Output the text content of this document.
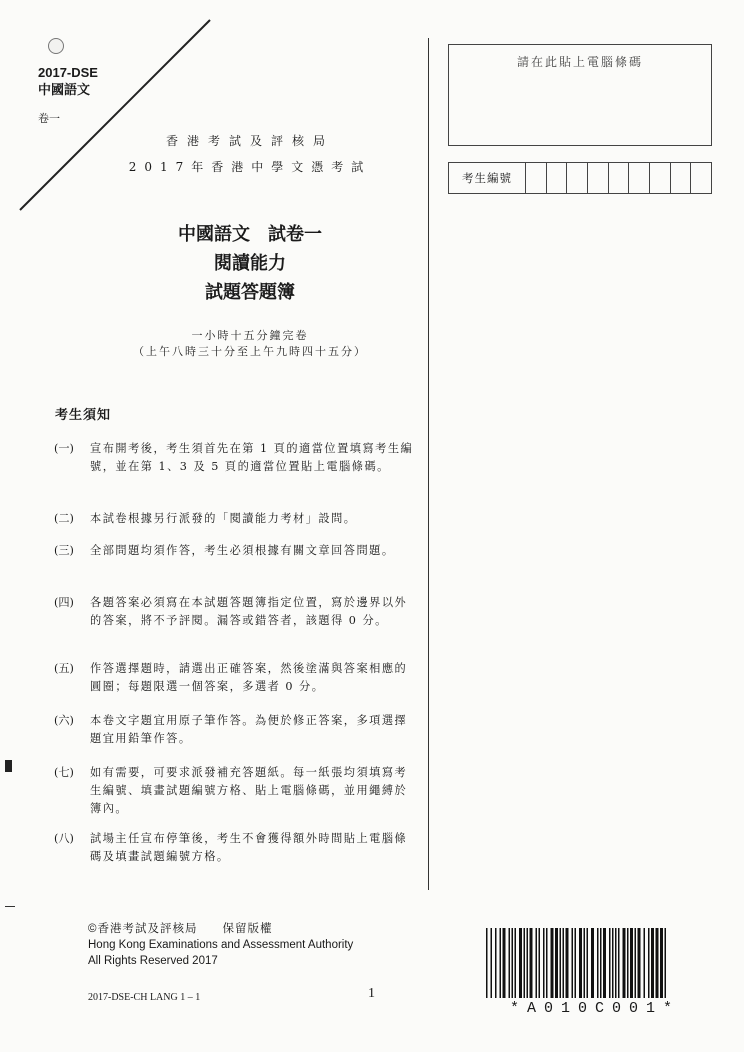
2017-DSE
中國語文
卷一
香港考試及評核局
2017年香港中學文憑考試
中國語文　試卷一
閱讀能力
試題答題簿
一小時十五分鐘完卷
（上午八時三十分至上午九時四十五分）
考生須知
(一)	宣布開考後，考生須首先在第 1 頁的適當位置填寫考生編號，並在第 1、3 及 5 頁的適當位置貼上電腦條碼。
(二)	本試卷根據另行派發的「閱讀能力考材」設問。
(三)	全部問題均須作答，考生必須根據有關文章回答問題。
(四)	各題答案必須寫在本試題答題簿指定位置，寫於邊界以外的答案，將不予評閱。漏答或錯答者，該題得 0 分。
(五)	作答選擇題時，請選出正確答案，然後塗滿與答案相應的圓圈；每題限選一個答案，多選者 0 分。
(六)	本卷文字題宜用原子筆作答。為便於修正答案，多項選擇題宜用鉛筆作答。
(七)	如有需要，可要求派發補充答題紙。每一紙張均須填寫考生編號、填畫試題編號方格、貼上電腦條碼，並用繩縛於簿內。
(八)	試場主任宣布停筆後，考生不會獲得額外時間貼上電腦條碼及填畫試題編號方格。
©香港考試及評核局　　保留版權
Hong Kong Examinations and Assessment Authority
All Rights Reserved 2017
2017-DSE-CH LANG 1 – 1	1
請在此貼上電腦條碼
考生編號
*A010C001*
